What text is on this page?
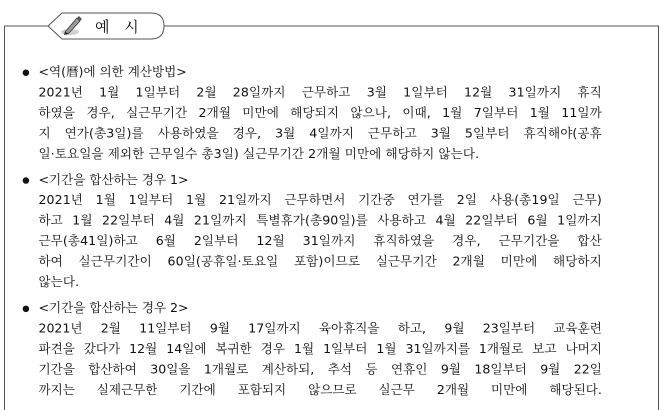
예 시
<역(曆)에 의한 계산방법>
2021년 1월 1일부터 2월 28일까지 근무하고 3월 1일부터 12월 31일까지 휴직
하였을 경우, 실근무기간 2개월 미만에 해당되지 않으나, 이때, 1월 7일부터 1월 11일까
지 연가(총3일)를 사용하였을 경우, 3월 4일까지 근무하고 3월 5일부터 휴직해야(공휴
일·토요일을 제외한 근무일수 총3일) 실근무기간 2개월 미만에 해당하지 않는다.
<기간을 합산하는 경우 1>
2021년 1월 1일부터 1월 21일까지 근무하면서 기간중 연가를 2일 사용(총19일 근무)
하고 1월 22일부터 4월 21일까지 특별휴가(총90일)를 사용하고 4월 22일부터 6월 1일까지
근무(총41일)하고 6월 2일부터 12월 31일까지 휴직하였을 경우, 근무기간을 합산
하여 실근무기간이 60일(공휴일·토요일 포함)이므로 실근무기간 2개월 미만에 해당하지
않는다.
<기간을 합산하는 경우 2>
2021년 2월 11일부터 9월 17일까지 육아휴직을 하고, 9월 23일부터 교육훈련
파견을 갔다가 12월 14일에 복귀한 경우 1월 1일부터 1월 31일까지를 1개월로 보고 나머지
기간을 합산하여 30일을 1개월로 계산하되, 추석 등 연휴인 9월 18일부터 9월 22일
까지는 실제근무한 기간에 포함되지 않으므로 실근무 2개월 미만에 해당된다.
